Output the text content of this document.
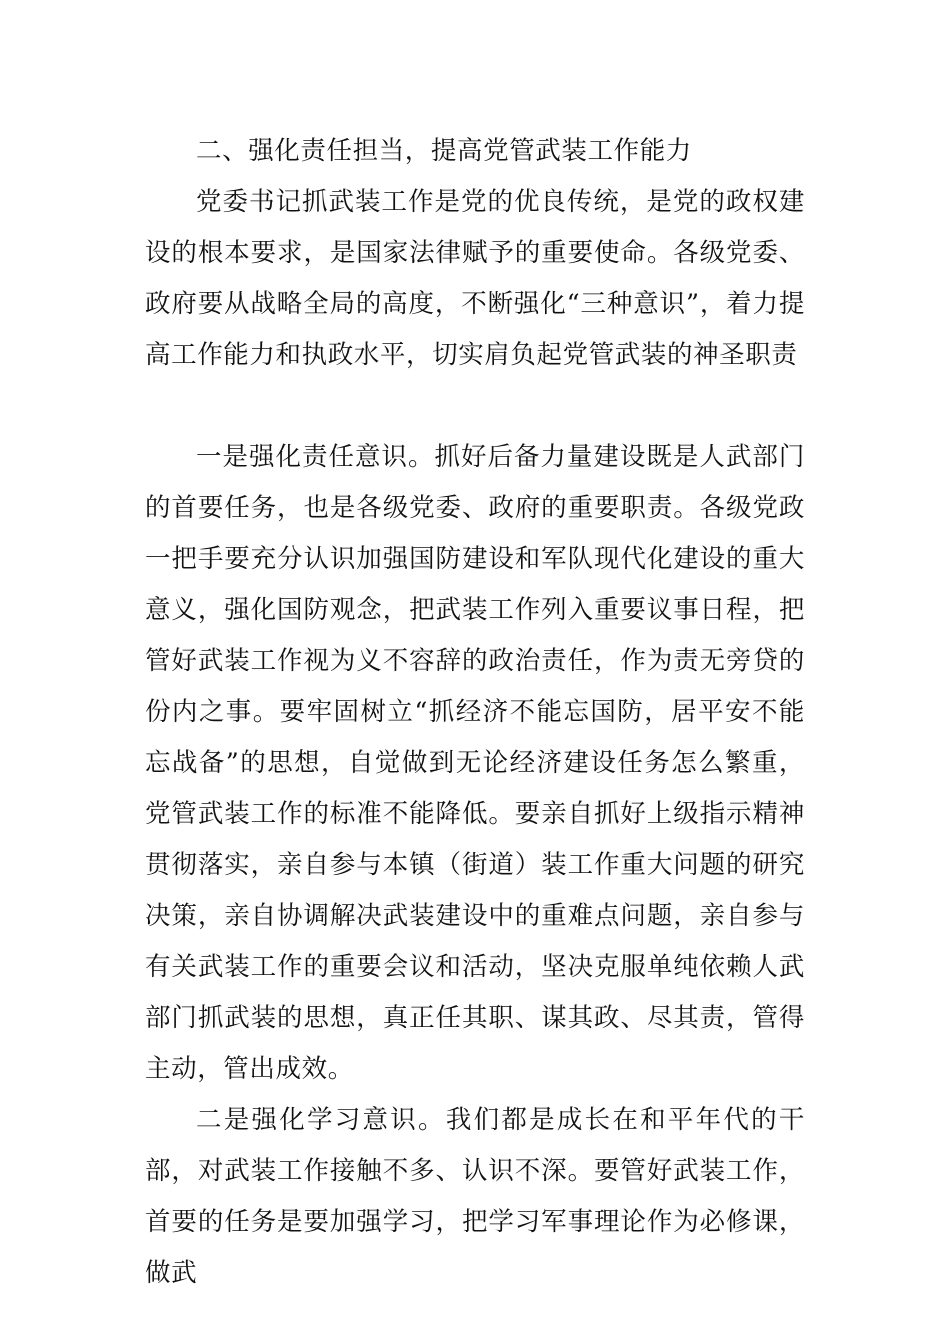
二、强化责任担当，提高党管武装工作能力

党委书记抓武装工作是党的优良传统，是党的政权建设的根本要求，是国家法律赋予的重要使命。各级党委、政府要从战略全局的高度，不断强化“三种意识”，着力提高工作能力和执政水平，切实肩负起党管武装的神圣职责

一是强化责任意识。抓好后备力量建设既是人武部门的首要任务，也是各级党委、政府的重要职责。各级党政一把手要充分认识加强国防建设和军队现代化建设的重大意义，强化国防观念，把武装工作列入重要议事日程，把管好武装工作视为义不容辞的政治责任，作为责无旁贷的份内之事。要牢固树立“抓经济不能忘国防，居平安不能忘战备”的思想，自觉做到无论经济建设任务怎么繁重，党管武装工作的标准不能降低。要亲自抓好上级指示精神贯彻落实，亲自参与本镇（街道）装工作重大问题的研究决策，亲自协调解决武装建设中的重难点问题，亲自参与有关武装工作的重要会议和活动，坚决克服单纯依赖人武部门抓武装的思想，真正任其职、谋其政、尽其责，管得主动，管出成效。

二是强化学习意识。我们都是成长在和平年代的干部，对武装工作接触不多、认识不深。要管好武装工作，首要的任务是要加强学习，把学习军事理论作为必修课，做武
